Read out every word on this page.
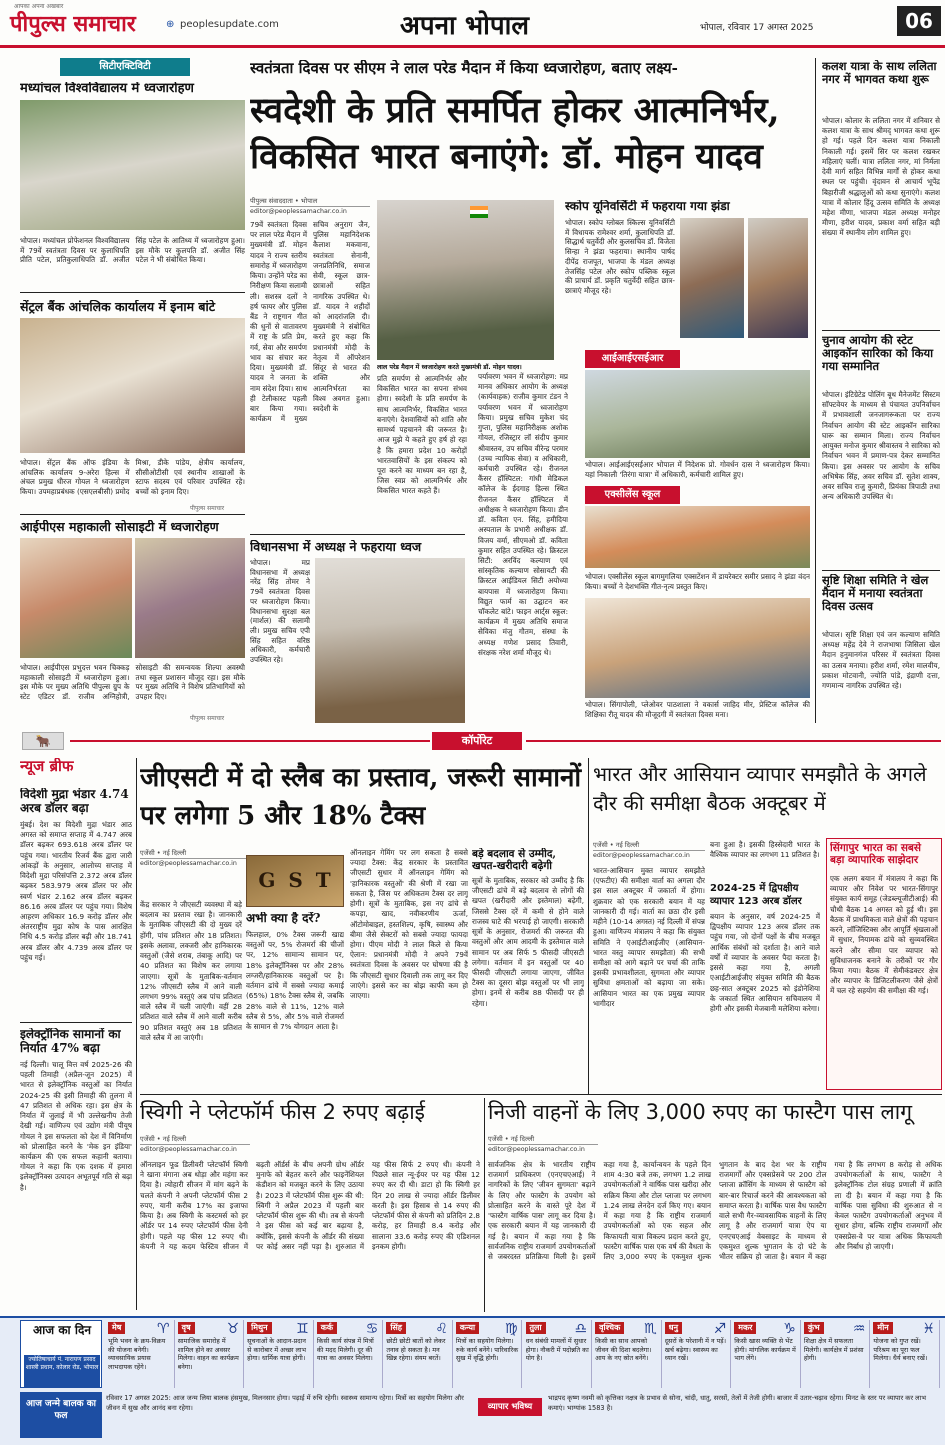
पीपुल्स समाचार
आपका अपना अखबार
⊕ peoplesupdate.com	अपना भोपाल	भोपाल, रविवार 17 अगस्त 2025	06
सिटीएक्टिविटी
मध्यांचल विश्वविद्यालय में ध्वजारोहण
भोपाल। मध्यांचल प्रोफेशनल विश्वविद्यालय में 79वें स्वतंत्रता दिवस पर कुलाधिपति प्रीति पटेल, प्रतिकुलाधिपति डॉ. अजीत सिंह पटेल के आतिथ्य में ध्वजारोहण हुआ। इस मौके पर कुलपति डॉ. अजीत सिंह पटेल ने भी संबोधित किया।
सेंट्रल बैंक आंचलिक कार्यालय में इनाम बांटे
भोपाल। सेंट्रल बैंक ऑफ इंडिया के आंचलिक कार्यालय 9-अरेरा हिल्स में अंचल प्रमुख धीरज गोयल ने ध्वजारोहण किया। उपमहाप्रबंधक (एसएलबीसी) प्रमोद मिश्रा, डीके पांडेय, क्षेत्रीय कार्यालय, सीसीओटीसी एवं स्थानीय शाखाओं के स्टाफ सदस्य एवं परिवार उपस्थित रहे। बच्चों को इनाम दिए।
पीपुल्स समाचार
आईपीएस महाकाली सोसाइटी में ध्वजारोहण
भोपाल। आईपीएस प्रभुदत्त भवन चिक्कड़ महाकाली सोसाइटी में ध्वजारोहण हुआ। इस मौके पर मुख्य अतिथि पीपुल्स ग्रुप के स्टेट एडिटर डॉ. राजीव अग्निहोत्री, सोसाइटी की समन्वयक शिल्पा अवस्थी तथा स्कूल प्रशासन मौजूद रहा। इस मौके पर मुख्य अतिथि ने विशेष प्रतिभागियों को उपहार दिए।
पीपुल्स समाचार
स्वतंत्रता दिवस पर सीएम ने लाल परेड मैदान में किया ध्वजारोहण, बताए लक्ष्य-
स्वदेशी के प्रति समर्पित होकर आत्मनिर्भर, विकसित भारत बनाएंगे: डॉ. मोहन यादव
पीपुल्स संवाददाता • भोपाल
editor@peoplessamachar.co.in
79वें स्वतंत्रता दिवस पर लाल परेड मैदान में मुख्यमंत्री डॉ. मोहन यादव ने राज्य स्तरीय समारोह में ध्वजारोहण किया। उन्होंने परेड का निरीक्षण किया सलामी ली। सशस्त्र दलों ने हर्ष फायर और पुलिस बैंड ने राष्ट्रगान गीत की धुनों से वातावरण में राष्ट्र के प्रति प्रेम, गर्व, सेवा और समर्पण भाव का संचार कर दिया। मुख्यमंत्री डॉ. यादव ने जनता के नाम संदेश दिया। साथ ही टेलीकास्ट पहली बार किया गया। कार्यक्रम में मुख्य सचिव अनुराग जैन, पुलिस महानिदेशक कैलाश मकवाना, स्वतंत्रता सेनानी, जनप्रतिनिधि, समाज सेवी, स्कूल छात्र-छात्राओं सहित नागरिक उपस्थित थे। डॉ. यादव ने शहीदों को आदरांजलि दी। मुख्यमंत्री ने संबोधित करते हुए कहा कि प्रधानमंत्री मोदी के नेतृत्व में ऑपरेशन सिंदूर से भारत की शक्ति और आत्मनिर्भरता का विश्व अवगत हुआ। स्वदेशी के
लाल परेड मैदान में ध्वजारोहण करते मुख्यमंत्री डॉ. मोहन यादव।
प्रति समर्पण से आत्मनिर्भर और विकसित भारत का सपना संभव होगा। स्वदेशी के प्रति समर्पण के साथ आत्मनिर्भर, विकसित भारत बनाएंगे। देशवासियों को शांति और सामर्थ्य पहचानने की जरूरत है। आज मुझे ये कहते हुए हर्ष हो रहा है कि हमारा प्रदेश 10 करोड़ों भारतवासियों के इस संकल्प को पूरा करने का माध्यम बन रहा है, जिस स्वप्न को आत्मनिर्भर और विकसित भारत कहते हैं।
स्कोप यूनिवर्सिटी में फहराया गया झंडा
भोपाल। स्कोप ग्लोबल स्किल्स यूनिवर्सिटी में विधायक रामेश्वर शर्मा, कुलाधिपति डॉ. सिद्धार्थ चतुर्वेदी और कुलसचिव डॉ. विजेता सिन्हा ने झंडा फहराया। स्थानीय पार्षद दीपेंद्र राजपूत, भाजपा के मंडल अध्यक्ष तेजसिंह पटेल और स्कोप पब्लिक स्कूल की प्राचार्य डॉ. प्रकृति चतुर्वेदी सहित छात्र-छात्राएं मौजूद रहे।
विधानसभा में अध्यक्ष ने फहराया ध्वज
भोपाल। मप्र विधानसभा में अध्यक्ष नरेंद्र सिंह तोमर ने 79वें स्वतंत्रता दिवस पर ध्वजारोहण किया। विधानसभा सुरक्षा बल (मार्शल) की सलामी ली। प्रमुख सचिव एपी सिंह सहित वरिष्ठ अधिकारी, कर्मचारी उपस्थित रहे।
पर्यावरण भवन में ध्वजारोहण: मप्र मानव अधिकार आयोग के अध्यक्ष (कार्यवाहक) राजीव कुमार टंडन ने पर्यावरण भवन में ध्वजारोहण किया। प्रमुख सचिव मुकेश चंद गुप्ता, पुलिस महानिरीक्षक अशोक गोयल, रजिस्ट्रार लॉ संदीप कुमार श्रीवास्तव, उप सचिव वीरेन्द्र परमार (उच्च न्यायिक सेवा) व अधिकारी, कर्मचारी उपस्थित रहे। रीजनल कैंसर हॉस्पिटल: गांधी मेडिकल कॉलेज के ईदगाह हिल्स स्थित रीजनल कैंसर हॉस्पिटल में अधीक्षक ने ध्वजारोहण किया। डीन डॉ. कविता एन. सिंह, हमीदिया अस्पताल के प्रभारी अधीक्षक डॉ. विजय वर्मा, सीएमओ डॉ. कविता कुमार सहित उपस्थित रहे। क्रिस्टल सिटी: अरविंद कल्याण एवं सांस्कृतिक कल्याण सोसायटी की क्रिस्टल आईडियल सिटी अयोध्या बायपास में ध्वजारोहण किया। विद्युत फार्म का उद्घाटन कर चॉकलेट बांटे। फाइन आर्ट्स स्कूल: कार्यक्रम में मुख्य अतिथि समाज सेविका मंजु गौतम, संस्था के अध्यक्ष गणेश प्रसाद तिवारी, संरक्षक नरेश शर्मा मौजूद थे।
आईआईएसईआर
भोपाल। आईआईएसईआर भोपाल में निदेशक प्रो. गोवर्धन दास ने ध्वजारोहण किया। यहां निकाली 'तिरंगा यात्रा' में अधिकारी, कर्मचारी शामिल हुए।
एक्सीलेंस स्कूल
भोपाल। एक्सीलेंस स्कूल बागमुगलिया एक्सटेंशन में डायरेक्टर समीर प्रसाद ने झंडा वंदन किया। बच्चों ने देशभक्ति गीत-नृत्य प्रस्तुत किए।
भोपाल। सिंगापोली, प्लेओवर पाठशाला ने वकार्स जाहिद मीर, प्रेस्टिज कॉलेज की शिक्षिका रीतू यादव की मौजूदगी में स्वतंत्रता दिवस मना।
कलश यात्रा के साथ ललिता नगर में भागवत कथा शुरू
भोपाल। कोलार के ललिता नगर में शनिवार से कलश यात्रा के साथ श्रीमद् भागवत कथा शुरू हो गई। पहले दिन कलश यात्रा निकाली निकाली गई। इसमें सिर पर कलश रखकर महिलाएं चलीं। यात्रा ललिता नगर, मां निर्मला देवी मार्ग सहित विभिन्न मार्गों से होकर कथा स्थल पर पहुंची। वृंदावन से आचार्य भूपेंद्र बिहारीजी श्रद्धालुओं को कथा सुनाएंगे। कलश यात्रा में कोलार हिंदू उत्सव समिति के अध्यक्ष महेश मीणा, भाजपा मंडल अध्यक्ष मनोहर मीणा, हरीश यादव, प्रकाश वर्मा सहित बड़ी संख्या में स्थानीय लोग शामिल हुए।
चुनाव आयोग की स्टेट आइकॉन सारिका को किया गया सम्मानित
भोपाल। इंटिग्रेटेड पोलिंग बूथ मैनेजमेंट सिस्टम सॉफ्टवेयर के माध्यम से पंचायत उपनिर्वाचन में प्रभावशाली जनजागरूकता पर राज्य निर्वाचन आयोग की स्टेट आइकॉन सारिका घारू का सम्मान मिला। राज्य निर्वाचन आयुक्त मनोज कुमार श्रीवास्तव ने सारिका को निर्वाचन भवन में प्रमाण-पत्र देकर सम्मानित किया। इस अवसर पर आयोग के सचिव अभिषेक सिंह, अवर सचिव डॉ. सुतेश शाक्य, अवर सचिव राजु कुमारी, प्रियंका त्रिपाठी तथा अन्य अधिकारी उपस्थित थे।
सृष्टि शिक्षा समिति ने खेल मैदान में मनाया स्वतंत्रता दिवस उत्सव
भोपाल। सृष्टि शिक्षा एवं जन कल्याण समिति अध्यक्ष महेंद्र देवे ने राजभाषा जिसिला खेल मैदान हनुमानगंज परिसर में स्वतंत्रता दिवस का उत्सव मनाया। हरीश शर्मा, रमेश मालवीय, प्रकाश मोटवानी, ज्योति पांडे, इंद्राणी दत्ता, गणमान्य नागरिक उपस्थित रहे।
🐂	कॉर्पोरेट
न्यूज ब्रीफ
विदेशी मुद्रा भंडार 4.74 अरब डॉलर बढ़ा
मुंबई। देश का विदेशी मुद्रा भंडार आठ अगस्त को समाप्त सप्ताह में 4.747 अरब डॉलर बढ़कर 693.618 अरब डॉलर पर पहुंच गया। भारतीय रिजर्व बैंक द्वारा जारी आंकड़ों के अनुसार, आलोच्य सप्ताह में विदेशी मुद्रा परिसंपत्ति 2.372 अरब डॉलर बढ़कर 583.979 अरब डॉलर पर और स्वर्ण भंडार 2.162 अरब डॉलर बढ़कर 86.16 अरब डॉलर पर पहुंच गया। विशेष आहरण अधिकार 16.9 करोड़ डॉलर और अंतरराष्ट्रीय मुद्रा कोष के पास आरक्षित निधि 4.5 करोड़ डॉलर बढ़ी और 18.741 अरब डॉलर और 4.739 अरब डॉलर पर पहुंच गई।
इलेक्ट्रॉनिक सामानों का निर्यात 47% बढ़ा
नई दिल्ली। चालू वित्त वर्ष 2025-26 की पहली तिमाही (अप्रैल-जून 2025) में भारत से इलेक्ट्रॉनिक वस्तुओं का निर्यात 2024-25 की इसी तिमाही की तुलना में 47 प्रतिशत से अधिक रहा। इस क्षेत्र के निर्यात में जुलाई में भी उल्लेखनीय तेजी देखी गई। वाणिज्य एवं उद्योग मंत्री पीयूष गोयल ने इस सफलता को देश में विनिर्माण को प्रोत्साहित करने के 'मेक इन इंडिया' कार्यक्रम की एक सफल कहानी बताया। गोयल ने कहा कि एक दशक में हमारा इलेक्ट्रॉनिक्स उत्पादन अभूतपूर्व गति से बढ़ा है।
जीएसटी में दो स्लैब का प्रस्ताव, जरूरी सामानों पर लगेगा 5 और 18% टैक्स
एजेंसी • नई दिल्ली
editor@peoplessamachar.co.in
केंद्र सरकार ने जीएसटी व्यवस्था में बड़े बदलाव का प्रस्ताव रखा है। जानकारी के मुताबिक जीएसटी की दो मुख्य दरें होंगी, पांच प्रतिशत और 18 प्रतिशत। इसके अलावा, लक्जरी और हानिकारक वस्तुओं (जैसे शराब, तंबाकू आदि) पर 40 प्रतिशत का विशेष कर लगाया जाएगा। सूत्रों के मुताबिक-वर्तमान 12% जीएसटी स्लैब में आने वाली लगभग 99% वस्तुएं अब पांच प्रतिशत वाले स्लैब में चली जाएंगी। वहीं 28 प्रतिशत वाले स्लैब में आने वाली करीब 90 प्रतिशत वस्तुएं अब 18 प्रतिशत वाले स्लैब में आ जाएंगी।
G S T
अभी क्या है दरें?
फिलहाल, 0% टैक्स जरूरी खाद्य वस्तुओं पर, 5% रोजमर्रा की चीजों पर, 12% सामान्य सामान पर, 18% इलेक्ट्रॉनिक्स पर और 28% लग्जरी/हानिकारक वस्तुओं पर है। वर्तमान ढांचे में सबसे ज्यादा कमाई (65%) 18% टैक्स स्लैब से, जबकि 28% वाले से 11%, 12% वाले स्लैब से 5%, और 5% वाले रोजमर्रा के सामान से 7% योगदान आता है।
ऑनलाइन गेमिंग पर लग सकता है सबसे ज्यादा टैक्स: केंद्र सरकार के प्रस्तावित जीएसटी सुधार में ऑनलाइन गेमिंग को 'हानिकारक वस्तुओं' की श्रेणी में रखा जा सकता है, जिस पर अधिकतम टैक्स दर लागू होगी। सूत्रों के मुताबिक, इस नए ढांचे से कपड़ा, खाद, नवीकरणीय ऊर्जा, ऑटोमोबाइल, हस्तशिल्प, कृषि, स्वास्थ्य और बीमा जैसे सेक्टरों को सबसे ज्यादा फायदा होगा। पीएम मोदी ने लाल किले से किया ऐलान: प्रधानमंत्री मोदी ने अपने 79वें स्वतंत्रता दिवस के अवसर पर घोषणा की है कि जीएसटी सुधार दिवाली तक लागू कर दिए जाएंगे। इससे कर का बोझ काफी कम हो जाएगा।
बड़े बदलाव से उम्मीद, खपत-खरीदारी बढ़ेगी
सूत्रों के मुताबिक, सरकार को उम्मीद है कि जीएसटी ढांचे में बड़े बदलाव से लोगों की खपत (खरीदारी और इस्तेमाल) बढ़ेगी, जिससे टैक्स दरें में कमी से होने वाले राजस्व घाटे की भरपाई हो जाएगी। सरकारी सूत्रों के अनुसार, रोजमर्रा की जरूरत की वस्तुओं और आम आदमी के इस्तेमाल वाले सामान पर अब सिर्फ 5 फीसदी जीएसटी लगेगा। वर्तमान में इन वस्तुओं पर 40 फीसदी जीएसटी लगाया जाएगा, जीवित टैक्स का दूसरा बोझ वस्तुओं पर भी लागू होगा। इनमें से करीब 88 फीसदी पर ही रहेगा।
भारत और आसियान व्यापार समझौते के अगले दौर की समीक्षा बैठक अक्टूबर में
एजेंसी • नई दिल्ली
editor@peoplessamachar.co.in
भारत-आसियान मुक्त व्यापार समझौते (एफटीए) की समीक्षा वार्ता का अगला दौर इस साल अक्टूबर में जकार्ता में होगा। शुक्रवार को एक सरकारी बयान में यह जानकारी दी गई। वार्ता का छठा दौर इसी महीने (10-14 अगस्त) नई दिल्ली में संपन्न हुआ। वाणिज्य मंत्रालय ने कहा कि संयुक्त समिति ने एआईटीआईजीए (आसियान-भारत वस्तु व्यापार समझौता) की सभी समीक्षा को आगे बढ़ाने पर चर्चा की ताकि इसकी प्रभावशीलता, सुगमता और व्यापार सुविधा क्षमताओं को बढ़ाया जा सके। आसियान भारत का एक प्रमुख व्यापार भागीदार
बना हुआ है। इसकी हिस्सेदारी भारत के वैश्विक व्यापार का लगभग 11 प्रतिशत है।
2024-25 में द्विपक्षीय व्यापार 123 अरब डॉलर
बयान के अनुसार, वर्ष 2024-25 में द्विपक्षीय व्यापार 123 अरब डॉलर तक पहुंच गया, जो दोनों पक्षों के बीच मजबूत आर्थिक संबंधों को दर्शाता है। आने वाले वर्षों में व्यापार के अवसर पैदा करता है। इससे कहा गया है, अगली एआईटीआईजीए संयुक्त समिति की बैठक छह-सात अक्टूबर 2025 को इंडोनेशिया के जकार्ता स्थित आसियान सचिवालय में होगी और इसकी मेजबानी मलेशिया करेगा।
सिंगापुर भारत का सबसे बड़ा व्यापारिक साझेदार
एक अलग बयान में मंत्रालय ने कहा कि व्यापार और निवेश पर भारत-सिंगापुर संयुक्त कार्य समूह (जेडब्ल्यूजीटीआई) की चौथी बैठक 14 अगस्त को हुई थी। इस बैठक में प्राथमिकता वाले क्षेत्रों की पहचान करने, लॉजिस्टिक्स और आपूर्ति श्रृंखलाओं में सुधार, नियामक ढांचे को सुव्यवस्थित करने और सीमा पार व्यापार को सुविधाजनक बनाने के तरीकों पर गौर किया गया। बैठक में सेमीकंडक्टर क्षेत्र और व्यापार के डिजिटलीकरण जैसे क्षेत्रों में चल रहे सहयोग की समीक्षा की गई।
स्विगी ने प्लेटफॉर्म फीस 2 रुपए बढ़ाई
एजेंसी • नई दिल्ली
editor@peoplessamachar.co.in
ऑनलाइन फूड डिलीवरी प्लेटफॉर्म स्विगी ने खाना मंगाना अब थोड़ा और महंगा कर दिया है। त्योहारी सीजन में मांग बढ़ने के चलते कंपनी ने अपनी प्लेटफॉर्म फीस 2 रुपए, यानी करीब 17% का इजाफा किया है। अब स्विगी के कस्टमर्स को हर ऑर्डर पर 14 रुपए प्लेटफॉर्म फीस देनी होगी। पहले यह फीस 12 रुपए थी। कंपनी ने यह कदम फेस्टिव सीजन में बढ़ती ऑर्डर्स के बीच अपनी ग्रोथ ऑर्डर मुनाफे को बेहतर करने और फाइनेंशियल कंडीशन को मजबूत करने के लिए उठाया है। 2023 में प्लेटफॉर्म फीस शुरू की थी: स्विगी ने अप्रैल 2023 में पहली बार प्लेटफॉर्म फीस शुरू की थी। तब से कंपनी ने इस फीस को कई बार बढ़ाया है, क्योंकि, इससे कंपनी के ऑर्डर की संख्या पर कोई असर नहीं पड़ा है। शुरुआत में यह फीस सिर्फ 2 रुपए थी। कंपनी ने पिछले साल न्यू-ईयर पर यह फीस 12 रुपए कर दी थी। डाटा हो कि स्विगी हर दिन 20 लाख से ज्यादा ऑर्डर डिलीवर करती है। इस हिसाब से 14 रुपए की प्लेटफॉर्म फीस से कंपनी को प्रतिदिन 2.8 करोड़, हर तिमाही 8.4 करोड़ और सालाना 33.6 करोड़ रुपए की एडिशनल इनकम होगी।
निजी वाहनों के लिए 3,000 रुपए का फास्टैग पास लागू
एजेंसी • नई दिल्ली
editor@peoplessamachar.co.in
सार्वजनिक क्षेत्र के भारतीय राष्ट्रीय राजमार्ग प्राधिकरण (एनएचएआई) ने नागरिकों के लिए 'जीवन सुगमता' बढ़ाने के लिए और फास्टैग के उपयोग को प्रोत्साहित करने के वास्ते पूरे देश में 'फास्टैग वार्षिक पास' लागू कर दिया है। एक सरकारी बयान में यह जानकारी दी गई है। बयान में कहा गया है कि सार्वजनिक राष्ट्रीय राजमार्ग उपयोगकर्ताओं से जबरदस्त प्रतिक्रिया मिली है। इसमें कहा गया है, कार्यान्वयन के पहले दिन शाम 4:30 बजे तक, लगभग 1.2 लाख उपयोगकर्ताओं ने वार्षिक पास खरीदा और सक्रिय किया और टोल प्लाजा पर लगभग 1.24 लाख लेनदेन दर्ज किए गए। बयान में कहा गया है कि राष्ट्रीय राजमार्ग उपयोगकर्ताओं को एक सहज और किफायती यात्रा विकल्प प्रदान करते हुए, फास्टैग वार्षिक पास एक वर्ष की वैधता के लिए 3,000 रुपए के एकमुश्त शुल्क भुगतान के बाद देश भर के राष्ट्रीय राजमार्गों और एक्सप्रेसवे पर 200 टोल प्लाजा क्रॉसिंग के माध्यम से फास्टैग को बार-बार रिचार्ज करने की आवश्यकता को समाप्त करता है। वार्षिक पास वैध फास्टैग वाले सभी गैर-व्यावसायिक वाहनों के लिए लागू है और राजमार्ग यात्रा ऐप या एनएचएआई वेबसाइट के माध्यम से एकमुश्त शुल्क भुगतान के दो घंटे के भीतर सक्रिय हो जाता है। बयान में कहा गया है कि लगभग 8 करोड़ से अधिक उपयोगकर्ताओं के साथ, फास्टैग ने इलेक्ट्रॉनिक टोल संग्रह प्रणाली में क्रांति ला दी है। बयान में कहा गया है कि वार्षिक पास सुविधा की शुरुआत से न केवल फास्टैग उपयोगकर्ताओं अनुभव में सुधार होगा, बल्कि राष्ट्रीय राजमार्गों और एक्सप्रेस-वे पर यात्रा अधिक किफायती और निर्बाध हो जाएगी।
आज का दिन
ज्योतिषाचार्य पं. नारायण प्रसाद शास्त्री प्रधान, कोलार रोड, भोपाल
मेष	♈
भूमि भवन के क्रय-विक्रय की योजना बनेगी। व्यावसायिक प्रयास लाभदायक रहेंगे।
वृष	♉
सामाजिक समारोह में शामिल होने का अवसर मिलेगा। वाहन का कार्यक्रम बनेगा।
मिथुन ♊
सूचनाओं के आदान-प्रदान से कारोबार में अच्छा लाभ होगा। धार्मिक यात्रा होगी।
कर्क ♋
किसी कार्य संपन्न में मित्रों की मदद मिलेगी। दूर की यात्रा का अवसर मिलेगा।
सिंह ♌
छोटी छोटी बातों को लेकर तनाव हो सकता है। मन खिन्न रहेगा। संयम बरतें।
कन्या ♍
मित्रों का सहयोग मिलेगा। रुके कार्य बनेंगे। पारिवारिक सुख में वृद्धि होगी।
तुला ♎
धन संबंधी मामलों में सुधार होगा। नौकरी में पदोन्नति का योग है।
वृश्चिक ♏
किसी का साथ आपको जीवन की दिशा बदलेगा। आय के नए स्रोत बनेंगे।
धनु	♐
दूसरों के परेशानी में न पड़ें। खर्च बढ़ेगा। स्वास्थ्य का ध्यान रखें।
मकर ♑
किसी खास व्यक्ति से भेंट होगी। मांगलिक कार्यक्रम में भाग लेंगे।
कुंभ ♒
शिक्षा क्षेत्र में सफलता मिलेगी। कार्यक्षेत्र में प्रशंसा होगी।
मीन ♓
योजना को गुप्त रखें। परिश्रम का पूरा फल मिलेगा। धैर्य बनाए रखें।
आज जन्मे बालक का फल
रविवार 17 अगस्त 2025: आज जन्म लिया बालक हंसमुख, मिलनसार होगा। पढ़ाई में रुचि रहेगी। स्वास्थ्य सामान्य रहेगा। मित्रों का सहयोग मिलेगा और जीवन में सुख और आनंद बना रहेगा।	व्यापार भविष्य
भाद्रपद कृष्ण नवमी को कृत्तिका नक्षत्र के प्रभाव से सोना, चांदी, धातु, सरसों, तेलों में तेजी होगी। बाजार में उतार-चढ़ाव रहेगा। मिनट के स्तर पर व्यापार कर लाभ कमाएं। भाग्यांक 1583 है।
